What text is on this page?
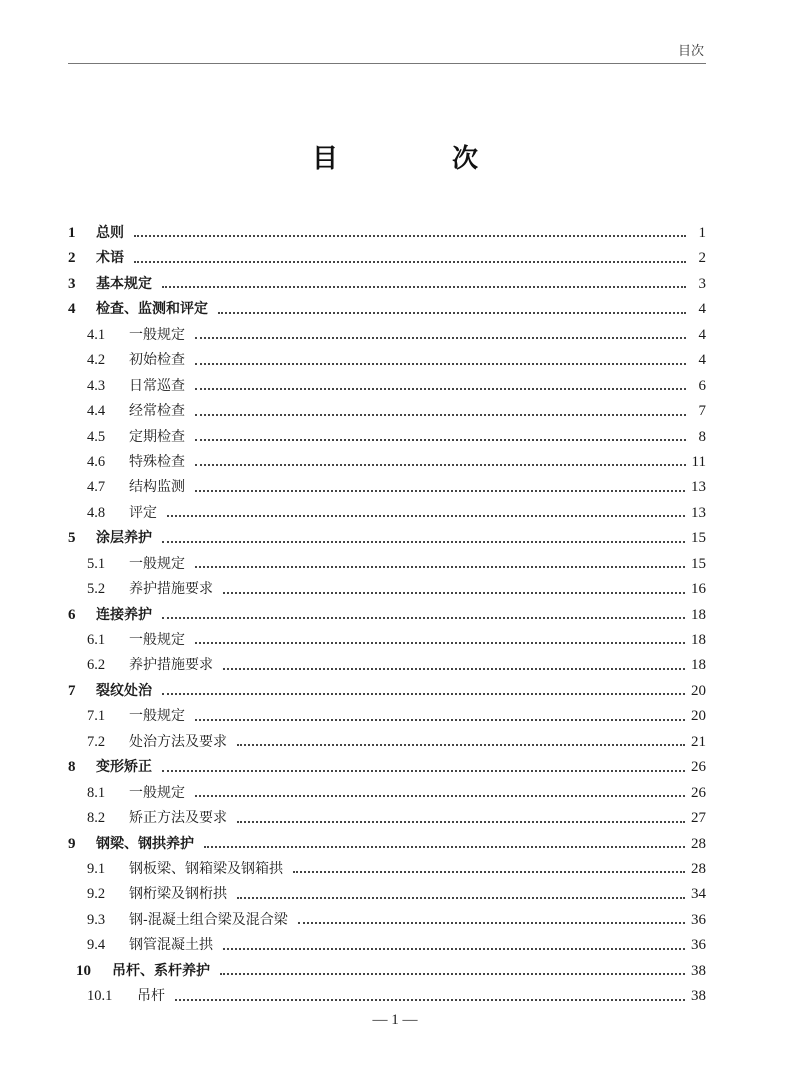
目次
目　次
1	总则	1
2	术语	2
3	基本规定	3
4	检查、监测和评定	4
4.1	一般规定	4
4.2	初始检查	4
4.3	日常巡查	6
4.4	经常检查	7
4.5	定期检查	8
4.6	特殊检查	11
4.7	结构监测	13
4.8	评定	13
5	涂层养护	15
5.1	一般规定	15
5.2	养护措施要求	16
6	连接养护	18
6.1	一般规定	18
6.2	养护措施要求	18
7	裂纹处治	20
7.1	一般规定	20
7.2	处治方法及要求	21
8	变形矫正	26
8.1	一般规定	26
8.2	矫正方法及要求	27
9	钢梁、钢拱养护	28
9.1	钢板梁、钢箱梁及钢箱拱	28
9.2	钢桁梁及钢桁拱	34
9.3	钢-混凝土组合梁及混合梁	36
9.4	钢管混凝土拱	36
10	吊杆、系杆养护	38
10.1	吊杆	38
— 1 —
